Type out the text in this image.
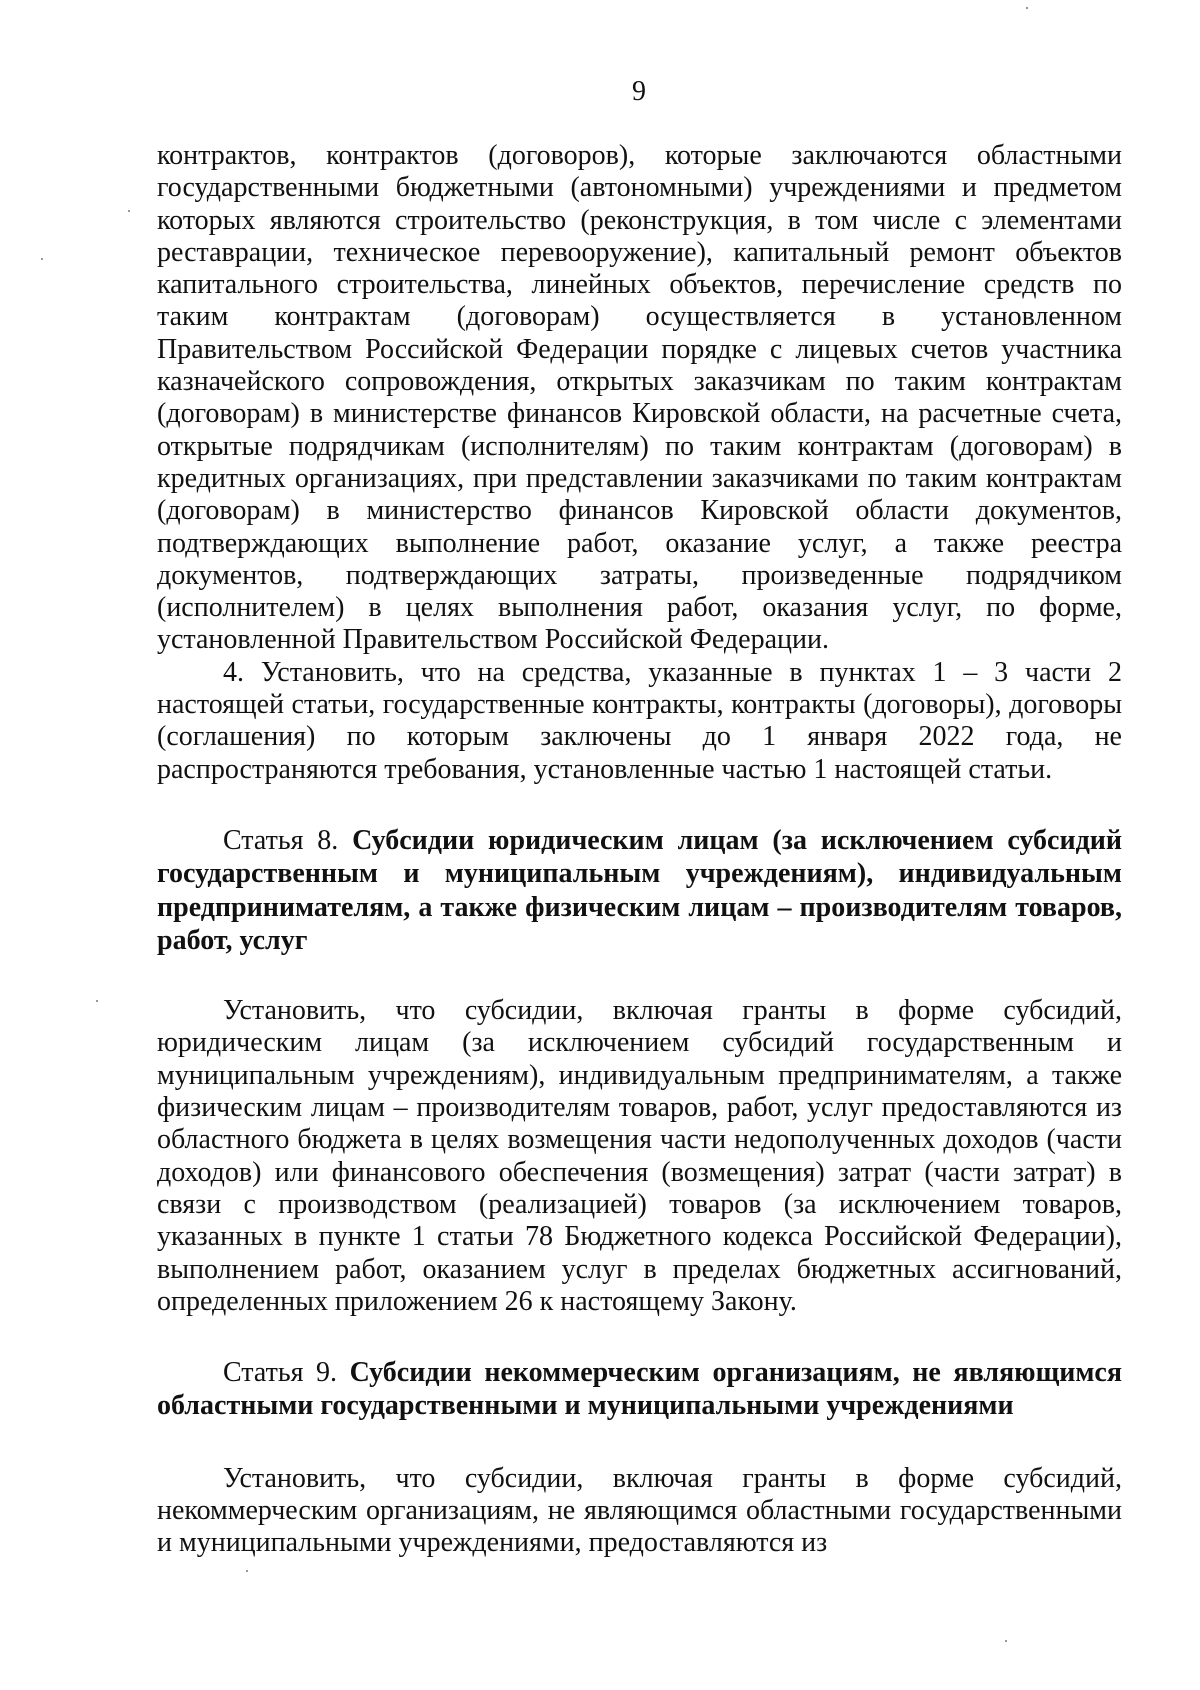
9

контрактов, контрактов (договоров), которые заключаются областными государственными бюджетными (автономными) учреждениями и предметом которых являются строительство (реконструкция, в том числе с элементами реставрации, техническое перевооружение), капитальный ремонт объектов капитального строительства, линейных объектов, перечисление средств по таким контрактам (договорам) осуществляется в установленном Правительством Российской Федерации порядке с лицевых счетов участника казначейского сопровождения, открытых заказчикам по таким контрактам (договорам) в министерстве финансов Кировской области, на расчетные счета, открытые подрядчикам (исполнителям) по таким контрактам (договорам) в кредитных организациях, при представлении заказчиками по таким контрактам (договорам) в министерство финансов Кировской области документов, подтверждающих выполнение работ, оказание услуг, а также реестра документов, подтверждающих затраты, произведенные подрядчиком (исполнителем) в целях выполнения работ, оказания услуг, по форме, установленной Правительством Российской Федерации.

4. Установить, что на средства, указанные в пунктах 1 – 3 части 2 настоящей статьи, государственные контракты, контракты (договоры), договоры (соглашения) по которым заключены до 1 января 2022 года, не распространяются требования, установленные частью 1 настоящей статьи.

Статья 8. Субсидии юридическим лицам (за исключением субсидий государственным и муниципальным учреждениям), индивидуальным предпринимателям, а также физическим лицам – производителям товаров, работ, услуг

Установить, что субсидии, включая гранты в форме субсидий, юридическим лицам (за исключением субсидий государственным и муниципальным учреждениям), индивидуальным предпринимателям, а также физическим лицам – производителям товаров, работ, услуг предоставляются из областного бюджета в целях возмещения части недополученных доходов (части доходов) или финансового обеспечения (возмещения) затрат (части затрат) в связи с производством (реализацией) товаров (за исключением товаров, указанных в пункте 1 статьи 78 Бюджетного кодекса Российской Федерации), выполнением работ, оказанием услуг в пределах бюджетных ассигнований, определенных приложением 26 к настоящему Закону.

Статья 9. Субсидии некоммерческим организациям, не являющимся областными государственными и муниципальными учреждениями

Установить, что субсидии, включая гранты в форме субсидий, некоммерческим организациям, не являющимся областными государственными и муниципальными учреждениями, предоставляются из
